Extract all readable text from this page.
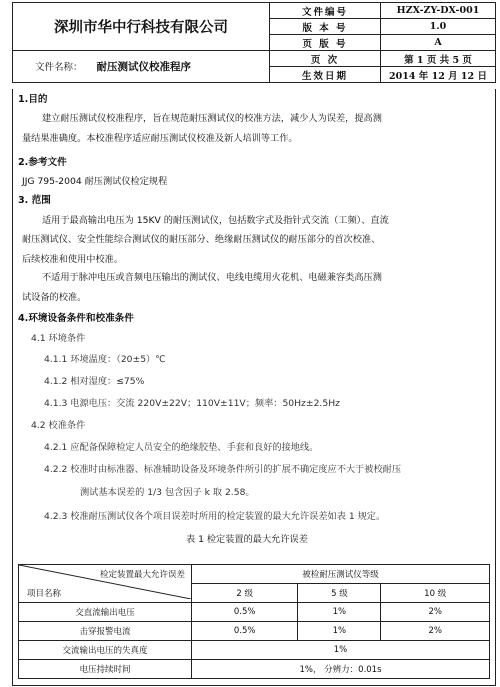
深圳市华中行科技有限公司	文件编号	HZX-ZY-DX-001
	版 本 号	1.0
	页 版 号	A
文件名称： 耐压测试仪校准程序	页 次	第 1 页 共 5 页
	生效日期	2014 年 12 月 12 日
1.目的
建立耐压测试仪校准程序，旨在规范耐压测试仪的校准方法，减少人为误差，提高测
量结果准确度。本校准程序适应耐压测试仪校准及新人培训等工作。
2.参考文件
JJG 795-2004 耐压测试仪检定规程
3. 范围
适用于最高输出电压为 15KV 的耐压测试仪，包括数字式及指针式交流（工频）、直流
耐压测试仪、安全性能综合测试仪的耐压部分、绝缘耐压测试仪的耐压部分的首次校准、
后续校准和使用中校准。
不适用于脉冲电压或音频电压输出的测试仪、电线电缆用火花机、电磁兼容类高压测
试设备的校准。
4.环境设备条件和校准条件
4.1 环境条件
4.1.1 环境温度：（20±5）℃
4.1.2 相对湿度：≤75%
4.1.3 电源电压：交流 220V±22V；110V±11V；频率：50Hz±2.5Hz
4.2 校准条件
4.2.1 应配备保障检定人员安全的绝缘胶垫、手套和良好的接地线。
4.2.2 校准时由标准器、标准辅助设备及环境条件所引的扩展不确定度应不大于被校耐压
测试基本误差的 1/3 包含因子 k 取 2.58。
4.2.3 校准耐压测试仪各个项目误差时所用的检定装置的最大允许误差如表 1 规定。
表 1 检定装置的最大允许误差
检定装置最大允许误差
项目名称	被检耐压测试仪等级		
	2 级	5 级	10 级
交直流输出电压	0.5%	1%	2%
击穿报警电流	0.5%	1%	2%
交流输出电压的失真度	1%		
电压持续时间	1%， 分辨力：0.01s		
